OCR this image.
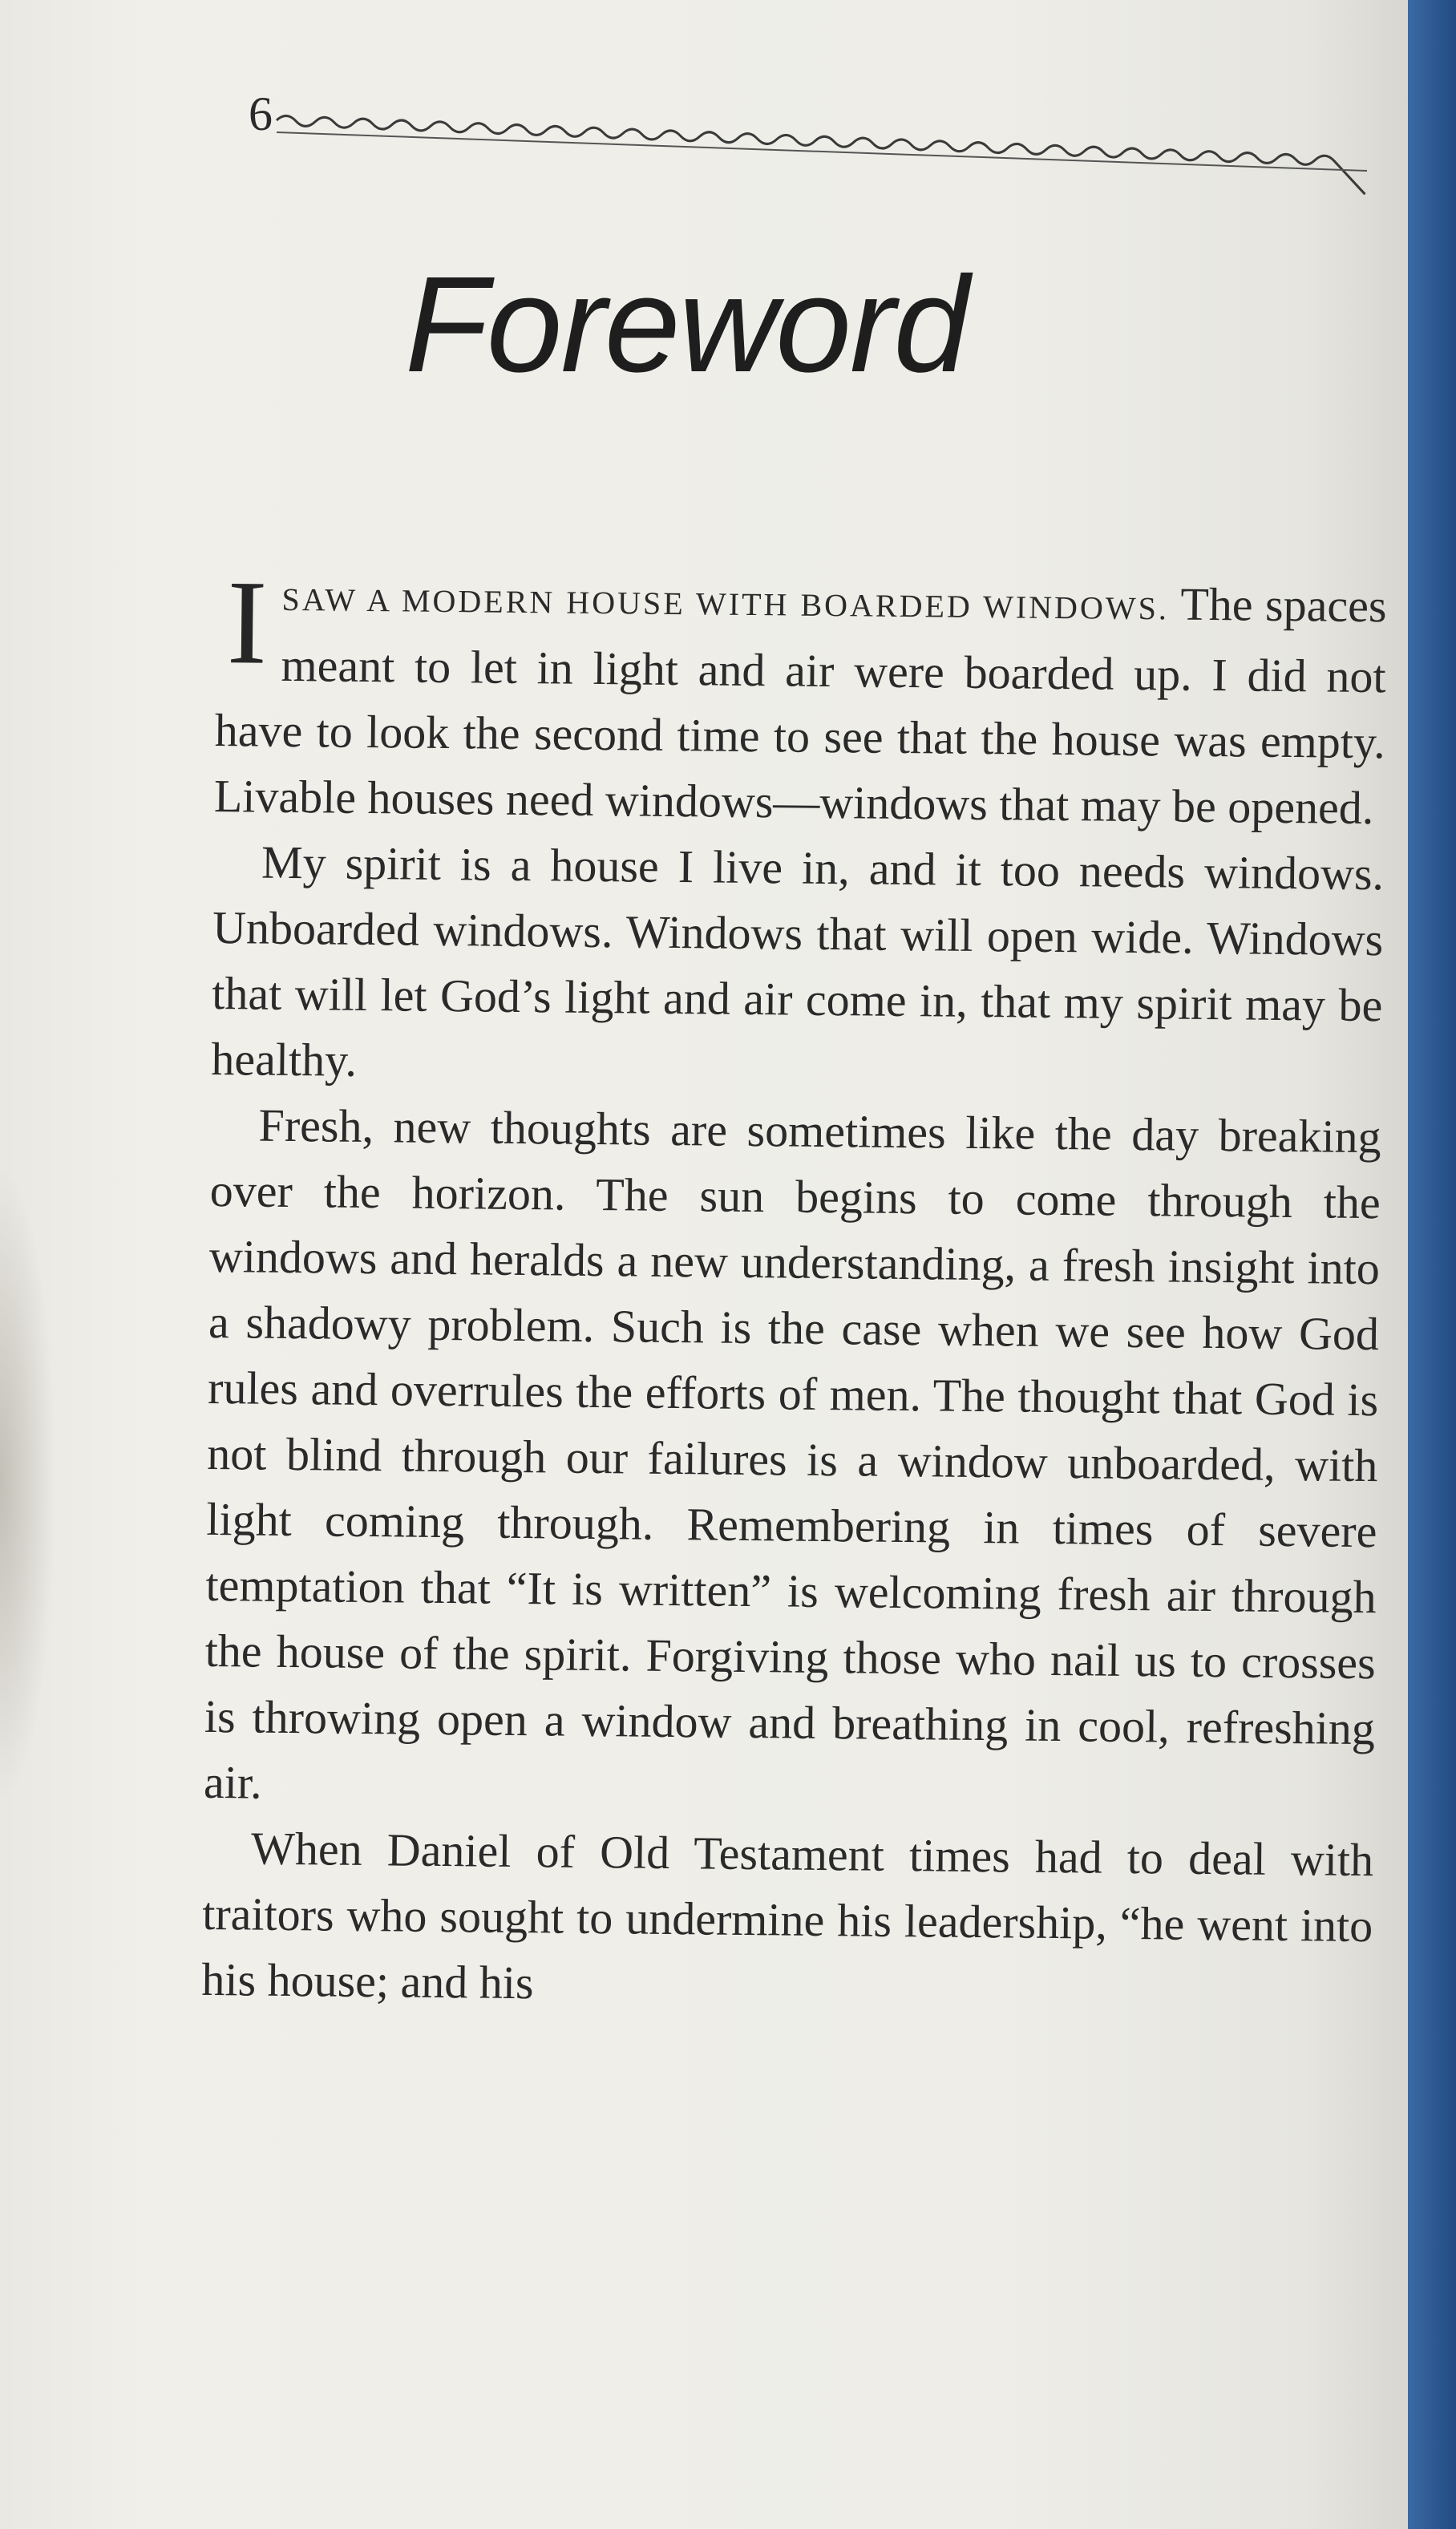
6
Foreword

ISAW A MODERN HOUSE WITH BOARDED WINDOWS. The spaces meant to let in light and air were boarded up. I did not have to look the second time to see that the house was empty. Livable houses need windows—windows that may be opened.

My spirit is a house I live in, and it too needs windows. Unboarded windows. Windows that will open wide. Windows that will let God’s light and air come in, that my spirit may be healthy.

Fresh, new thoughts are sometimes like the day breaking over the horizon. The sun begins to come through the windows and heralds a new understanding, a fresh insight into a shadowy problem. Such is the case when we see how God rules and overrules the efforts of men. The thought that God is not blind through our failures is a window unboarded, with light coming through. Remembering in times of severe temptation that “It is written” is welcoming fresh air through the house of the spirit. Forgiving those who nail us to crosses is throwing open a window and breathing in cool, refreshing air.

When Daniel of Old Testament times had to deal with traitors who sought to undermine his leadership, “he went into his house; and his
